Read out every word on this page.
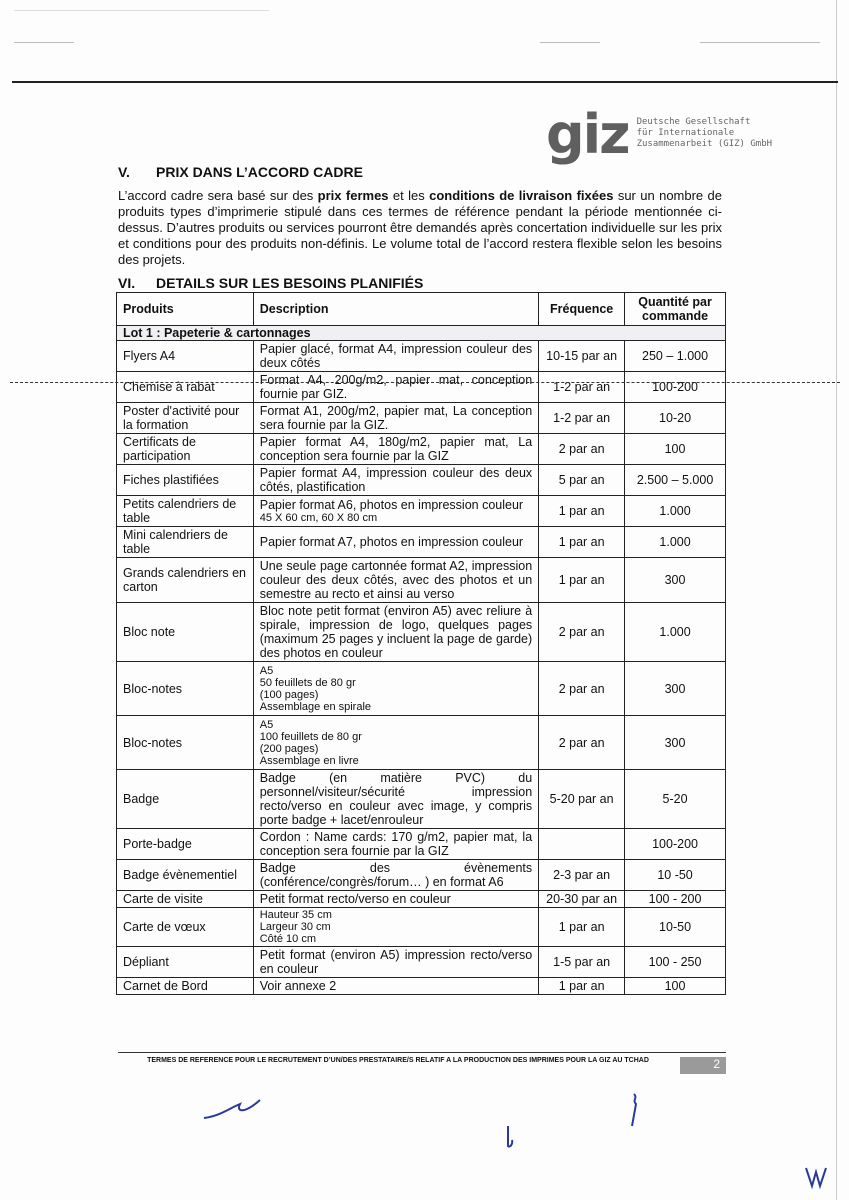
giz Deutsche Gesellschaft
für Internationale
Zusammenarbeit (GIZ) GmbH
V. PRIX DANS L’ACCORD CADRE
L’accord cadre sera basé sur des prix fermes et les conditions de livraison fixées sur un nombre de produits types d’imprimerie stipulé dans ces termes de référence pendant la période mentionnée ci-dessus. D’autres produits ou services pourront être demandés après concertation individuelle sur les prix et conditions pour des produits non-définis. Le volume total de l’accord restera flexible selon les besoins des projets.
VI. DETAILS SUR LES BESOINS PLANIFIÉS
Produits	Description	Fréquence	Quantité par commande
Lot 1 : Papeterie & cartonnages			
Flyers A4	Papier glacé, format A4, impression couleur des deux côtés	10-15 par an	250 – 1.000
Chemise à rabat	Format A4, 200g/m2, papier mat, conception fournie par GIZ.	1-2 par an	100-200
Poster d'activité pour la formation	Format A1, 200g/m2, papier mat, La conception sera fournie par la GIZ.	1-2 par an	10-20
Certificats de participation	Papier format A4, 180g/m2, papier mat, La conception sera fournie par la GIZ	2 par an	100
Fiches plastifiées	Papier format A4, impression couleur des deux côtés, plastification	5 par an	2.500 – 5.000
Petits calendriers de table	Papier format A6, photos en impression couleur
45 X 60 cm, 60 X 80 cm	1 par an	1.000
Mini calendriers de table	Papier format A7, photos en impression couleur	1 par an	1.000
Grands calendriers en carton	Une seule page cartonnée format A2, impression couleur des deux côtés, avec des photos et un semestre au recto et ainsi au verso	1 par an	300
Bloc note	Bloc note petit format (environ A5) avec reliure à spirale, impression de logo, quelques pages (maximum 25 pages y incluent la page de garde) des photos en couleur	2 par an	1.000
Bloc-notes	A5
50 feuillets de 80 gr
(100 pages)
Assemblage en spirale	2 par an	300
Bloc-notes	A5
100 feuillets de 80 gr
(200 pages)
Assemblage en livre	2 par an	300
Badge	Badge (en matière PVC) du personnel/visiteur/sécurité impression recto/verso en couleur avec image, y compris porte badge + lacet/enrouleur	5-20 par an	5-20
Porte-badge	Cordon : Name cards: 170 g/m2, papier mat, la conception sera fournie par la GIZ		100-200
Badge évènementiel	Badge des évènements (conférence/congrès/forum… ) en format A6	2-3 par an	10 -50
Carte de visite	Petit format recto/verso en couleur	20-30 par an	100 - 200
Carte de vœux	Hauteur 35 cm
Largeur 30 cm
Côté 10 cm	1 par an	10-50
Dépliant	Petit format (environ A5) impression recto/verso en couleur	1-5 par an	100 - 250
Carnet de Bord	Voir annexe 2	1 par an	100
TERMES DE REFERENCE POUR LE RECRUTEMENT D’UN/DES PRESTATAIRE/S RELATIF A LA PRODUCTION DES IMPRIMES POUR LA GIZ AU TCHAD	2
